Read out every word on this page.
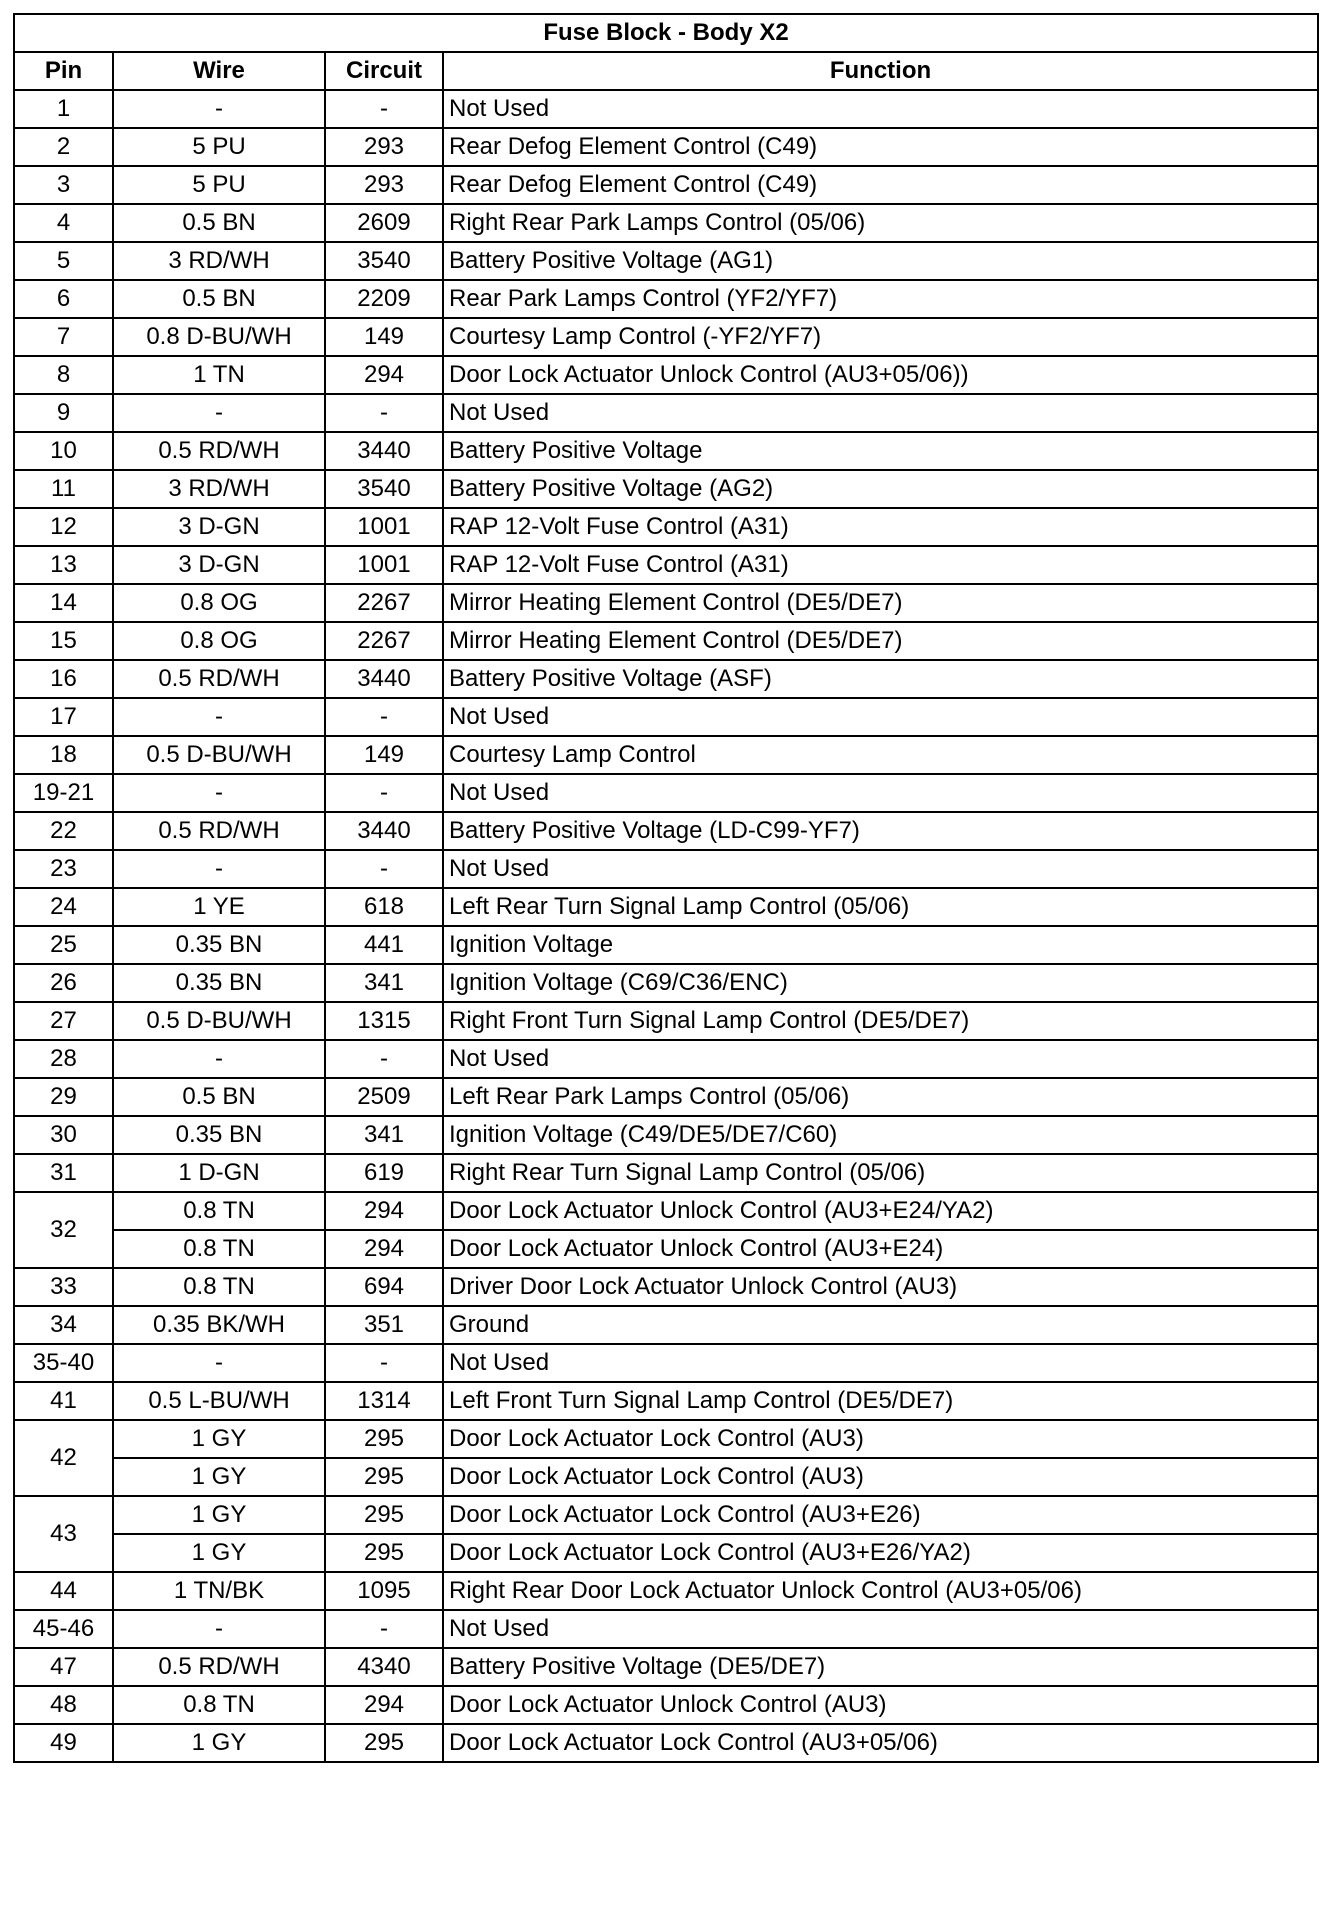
Fuse Block - Body X2			
Pin	Wire	Circuit	Function
1	-	-	Not Used
2	5 PU	293	Rear Defog Element Control (C49)
3	5 PU	293	Rear Defog Element Control (C49)
4	0.5 BN	2609	Right Rear Park Lamps Control (05/06)
5	3 RD/WH	3540	Battery Positive Voltage (AG1)
6	0.5 BN	2209	Rear Park Lamps Control (YF2/YF7)
7	0.8 D-BU/WH	149	Courtesy Lamp Control (-YF2/YF7)
8	1 TN	294	Door Lock Actuator Unlock Control (AU3+05/06))
9	-	-	Not Used
10	0.5 RD/WH	3440	Battery Positive Voltage
11	3 RD/WH	3540	Battery Positive Voltage (AG2)
12	3 D-GN	1001	RAP 12-Volt Fuse Control (A31)
13	3 D-GN	1001	RAP 12-Volt Fuse Control (A31)
14	0.8 OG	2267	Mirror Heating Element Control (DE5/DE7)
15	0.8 OG	2267	Mirror Heating Element Control (DE5/DE7)
16	0.5 RD/WH	3440	Battery Positive Voltage (ASF)
17	-	-	Not Used
18	0.5 D-BU/WH	149	Courtesy Lamp Control
19-21	-	-	Not Used
22	0.5 RD/WH	3440	Battery Positive Voltage (LD-C99-YF7)
23	-	-	Not Used
24	1 YE	618	Left Rear Turn Signal Lamp Control (05/06)
25	0.35 BN	441	Ignition Voltage
26	0.35 BN	341	Ignition Voltage (C69/C36/ENC)
27	0.5 D-BU/WH	1315	Right Front Turn Signal Lamp Control (DE5/DE7)
28	-	-	Not Used
29	0.5 BN	2509	Left Rear Park Lamps Control (05/06)
30	0.35 BN	341	Ignition Voltage (C49/DE5/DE7/C60)
31	1 D-GN	619	Right Rear Turn Signal Lamp Control (05/06)
32	0.8 TN	294	Door Lock Actuator Unlock Control (AU3+E24/YA2)
	0.8 TN	294	Door Lock Actuator Unlock Control (AU3+E24)
33	0.8 TN	694	Driver Door Lock Actuator Unlock Control (AU3)
34	0.35 BK/WH	351	Ground
35-40	-	-	Not Used
41	0.5 L-BU/WH	1314	Left Front Turn Signal Lamp Control (DE5/DE7)
42	1 GY	295	Door Lock Actuator Lock Control (AU3)
	1 GY	295	Door Lock Actuator Lock Control (AU3)
43	1 GY	295	Door Lock Actuator Lock Control (AU3+E26)
	1 GY	295	Door Lock Actuator Lock Control (AU3+E26/YA2)
44	1 TN/BK	1095	Right Rear Door Lock Actuator Unlock Control (AU3+05/06)
45-46	-	-	Not Used
47	0.5 RD/WH	4340	Battery Positive Voltage (DE5/DE7)
48	0.8 TN	294	Door Lock Actuator Unlock Control (AU3)
49	1 GY	295	Door Lock Actuator Lock Control (AU3+05/06)
